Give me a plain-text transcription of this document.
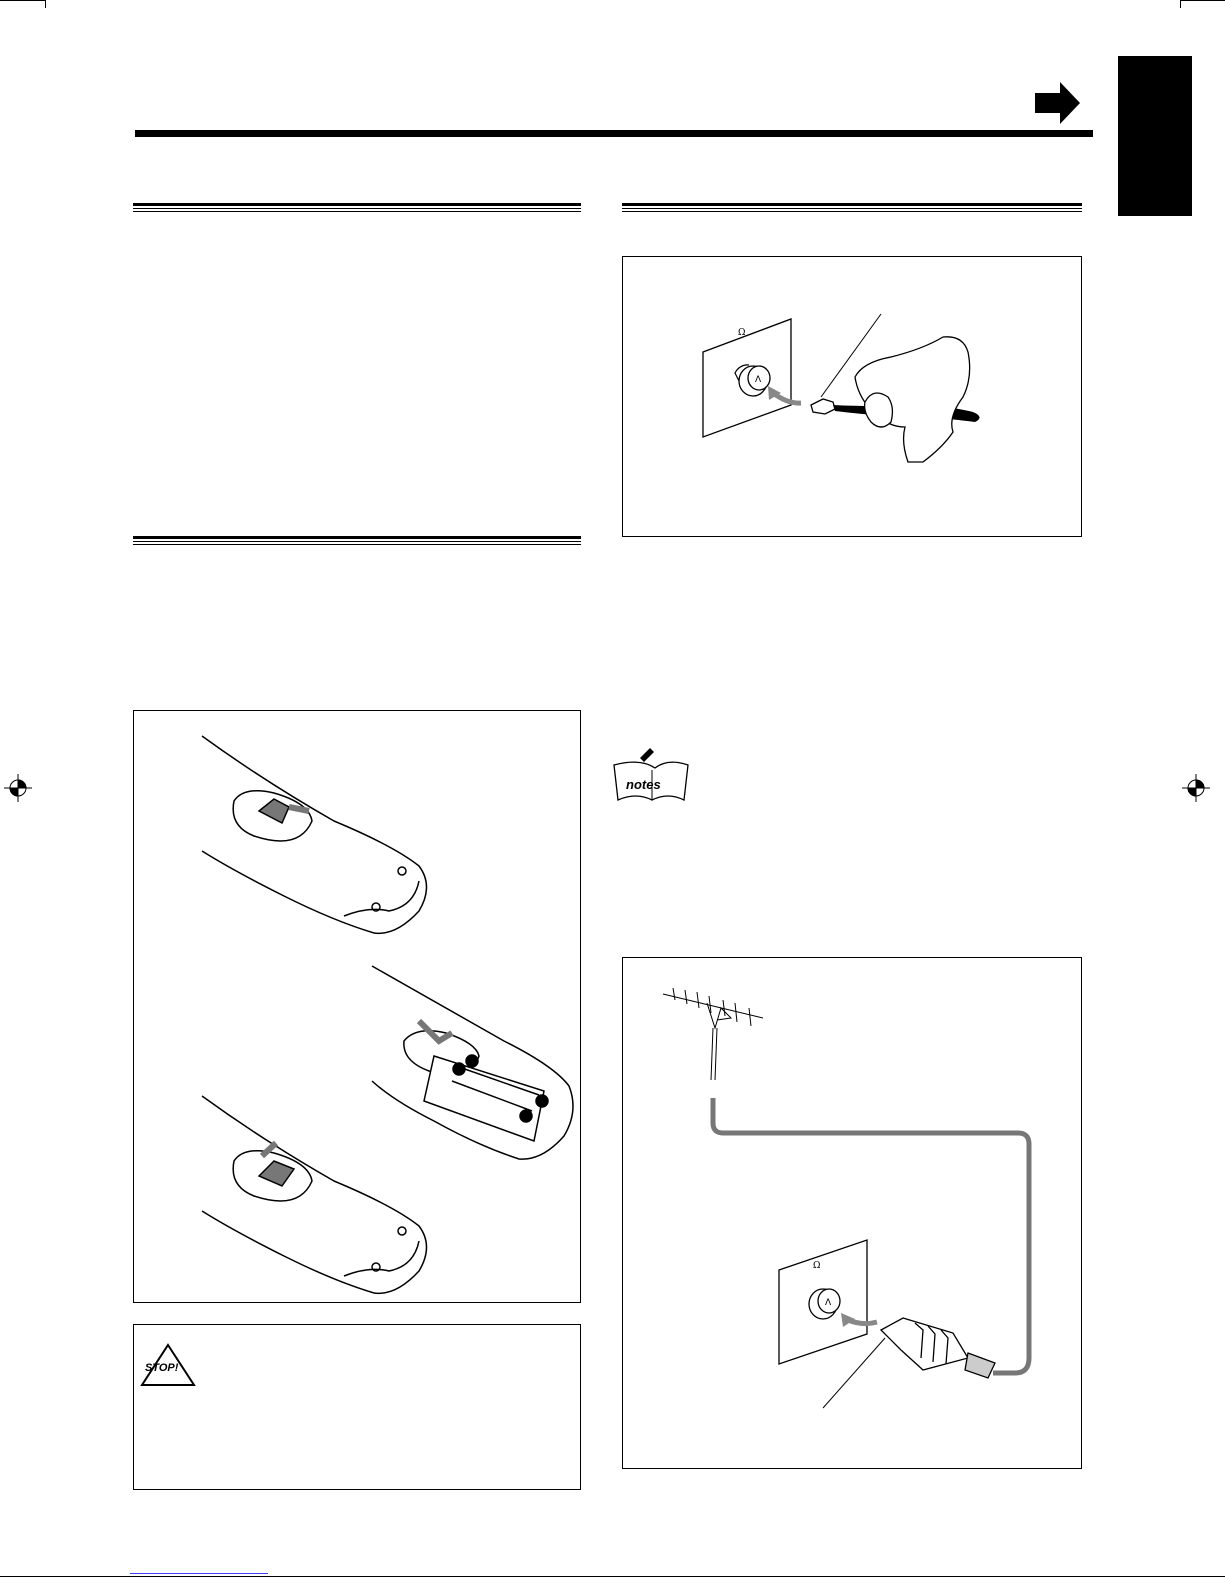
Ω
ᐱ
notes
STOP!
Ω
ᐱ
